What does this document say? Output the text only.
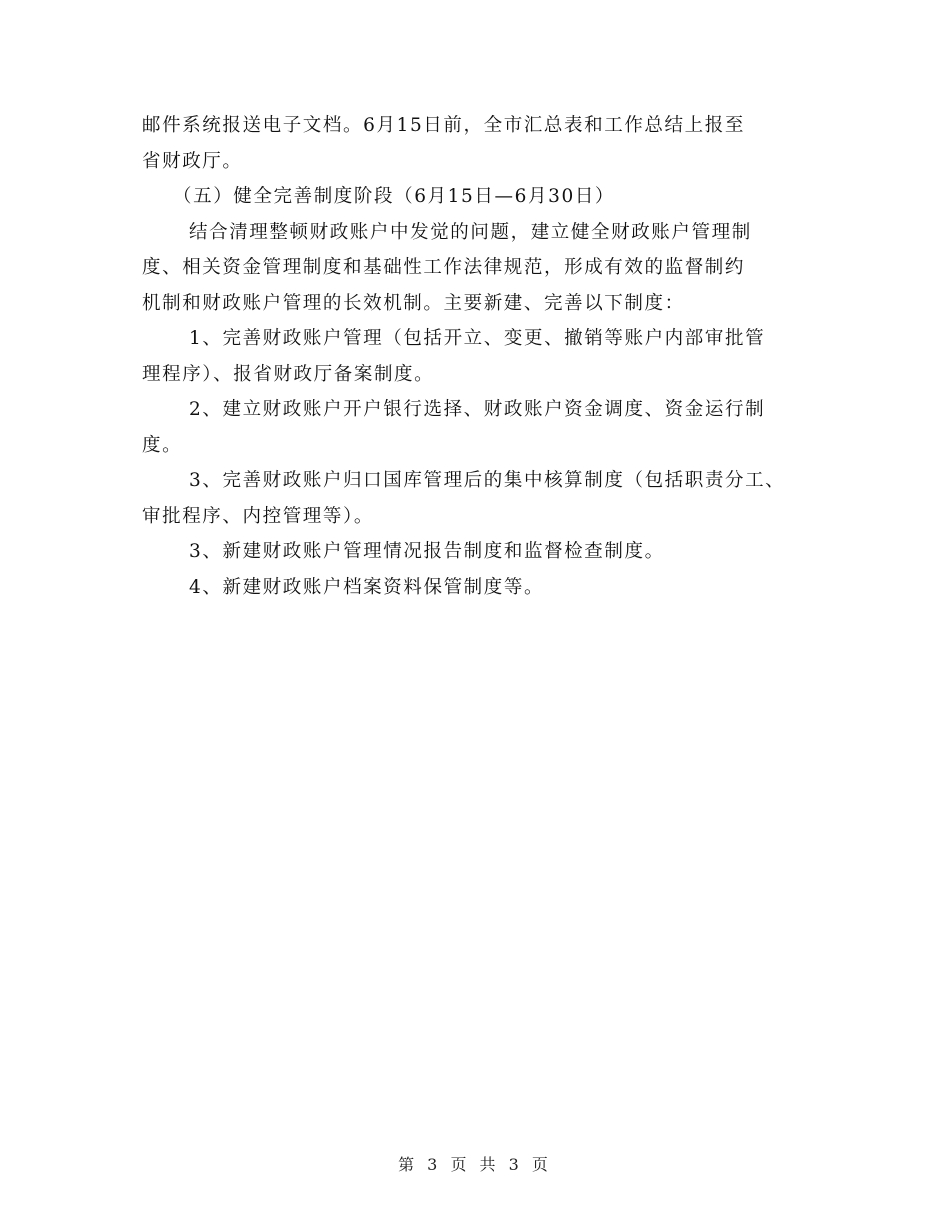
邮件系统报送电子文档。6月15日前，全市汇总表和工作总结上报至
省财政厅。
（五）健全完善制度阶段（6月15日—6月30日）
结合清理整顿财政账户中发觉的问题，建立健全财政账户管理制
度、相关资金管理制度和基础性工作法律规范，形成有效的监督制约
机制和财政账户管理的长效机制。主要新建、完善以下制度：
1、完善财政账户管理（包括开立、变更、撤销等账户内部审批管
理程序）、报省财政厅备案制度。
2、建立财政账户开户银行选择、财政账户资金调度、资金运行制
度。
3、完善财政账户归口国库管理后的集中核算制度（包括职责分工、
审批程序、内控管理等）。
3、新建财政账户管理情况报告制度和监督检查制度。
4、新建财政账户档案资料保管制度等。
第 3 页 共 3 页
